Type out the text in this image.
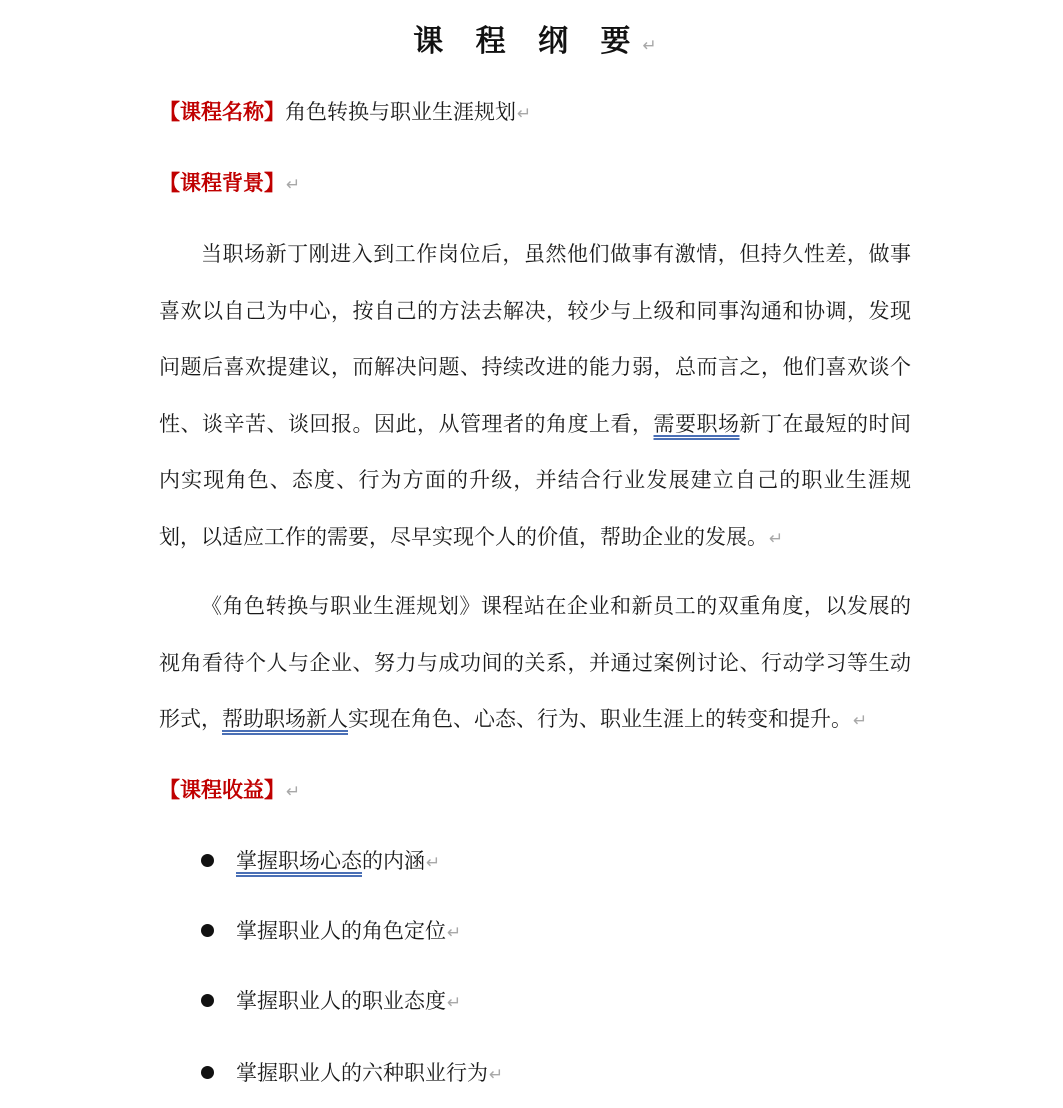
课 程 纲 要↵
【课程名称】角色转换与职业生涯规划↵
【课程背景】↵

当职场新丁刚进入到工作岗位后，虽然他们做事有激情，但持久性差，做事喜欢以自己为中心，按自己的方法去解决，较少与上级和同事沟通和协调，发现问题后喜欢提建议，而解决问题、持续改进的能力弱，总而言之，他们喜欢谈个性、谈辛苦、谈回报。因此，从管理者的角度上看，需要职场新丁在最短的时间内实现角色、态度、行为方面的升级，并结合行业发展建立自己的职业生涯规划，以适应工作的需要，尽早实现个人的价值，帮助企业的发展。↵

《角色转换与职业生涯规划》课程站在企业和新员工的双重角度，以发展的视角看待个人与企业、努力与成功间的关系，并通过案例讨论、行动学习等生动形式，帮助职场新人实现在角色、心态、行为、职业生涯上的转变和提升。↵

【课程收益】↵
掌握职场心态的内涵↵
掌握职业人的角色定位↵
掌握职业人的职业态度↵
掌握职业人的六种职业行为↵
